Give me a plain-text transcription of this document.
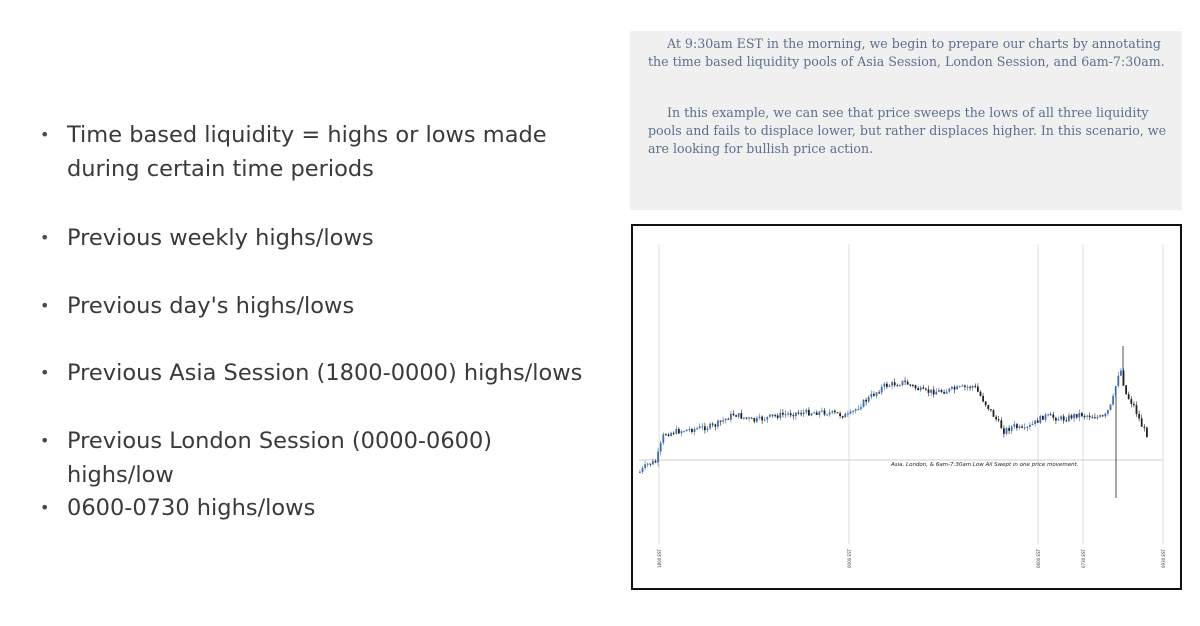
• Time based liquidity = highs or lows made
during certain time periods
• Previous weekly highs/lows
• Previous day's highs/lows
• Previous Asia Session (1800-0000) highs/lows
• Previous London Session (0000-0600) highs/low
• 0600-0730 highs/lows

At 9:30am EST in the morning, we begin to prepare our charts by annotating the time based liquidity pools of Asia Session, London Session, and 6am-7:30am.

In this example, we can see that price sweeps the lows of all three liquidity pools and fails to displace lower, but rather displaces higher. In this scenario, we are looking for bullish price action.

Asia, London, & 6am-7:30am Low All Swept in one price movement.
1800 EST	0000 EST	0600 EST	0730 EST	0930 EST
